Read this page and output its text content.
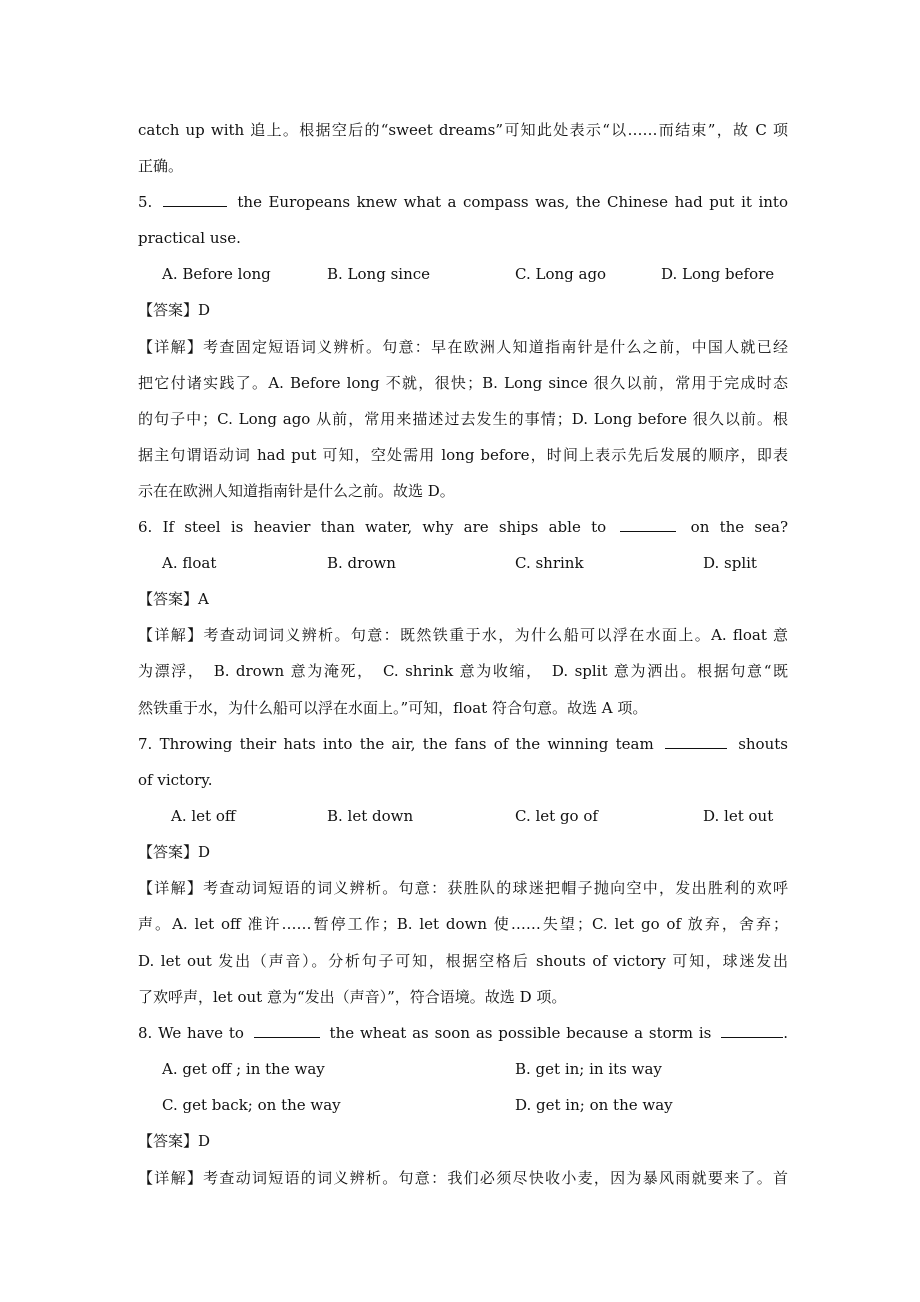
catch up with 追上。根据空后的“sweet dreams”可知此处表示“以……而结束”，故 C 项
正确。
5.	the Europeans knew what a compass was, the Chinese had put it into
practical use.
A. Before long	B. Long since	C. Long ago	D. Long before
【答案】D
【详解】考查固定短语词义辨析。句意：早在欧洲人知道指南针是什么之前，中国人就已经
把它付诸实践了。A. Before long 不就，很快；B. Long since 很久以前，常用于完成时态
的句子中；C. Long ago 从前，常用来描述过去发生的事情；D. Long before 很久以前。根
据主句谓语动词 had put 可知，空处需用 long before，时间上表示先后发展的顺序，即表
示在在欧洲人知道指南针是什么之前。故选 D。
6. If steel is heavier than water, why are ships able to	on the sea?
A. float	B. drown	C. shrink	D. split
【答案】A
【详解】考查动词词义辨析。句意：既然铁重于水，为什么船可以浮在水面上。A. float 意
为漂浮，　B. drown 意为淹死，　C. shrink 意为收缩，　D. split 意为洒出。根据句意“既
然铁重于水，为什么船可以浮在水面上。”可知，float 符合句意。故选 A 项。
7. Throwing their hats into the air, the fans of the winning team	shouts
of victory.
A. let off	B. let down	C. let go of	D. let out
【答案】D
【详解】考查动词短语的词义辨析。句意：获胜队的球迷把帽子抛向空中，发出胜利的欢呼
声。A. let off 准许……暂停工作；B. let down 使……失望；C. let go of 放弃，舍弃；
D. let out 发出（声音）。分析句子可知，根据空格后 shouts of victory 可知，球迷发出
了欢呼声，let out 意为“发出（声音）”，符合语境。故选 D 项。
8. We have to	the wheat as soon as possible because a storm is	.
A. get off ; in the way	B. get in; in its way
C. get back; on the way	D. get in; on the way
【答案】D
【详解】考查动词短语的词义辨析。句意：我们必须尽快收小麦，因为暴风雨就要来了。首
